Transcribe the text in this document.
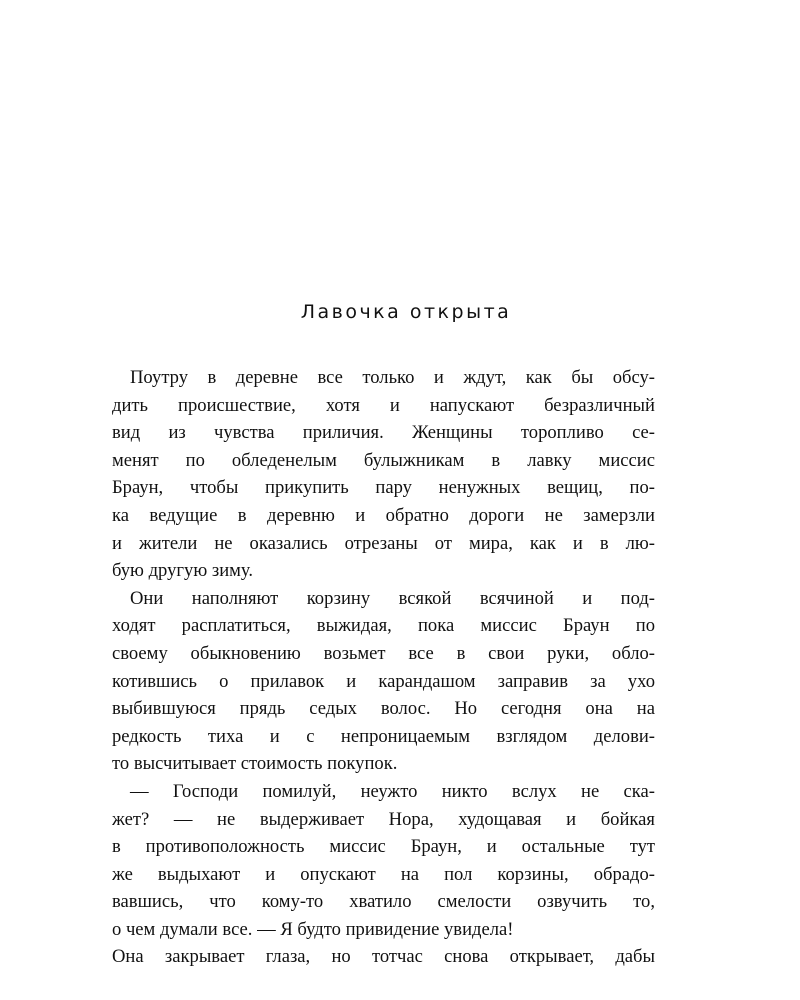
Лавочка открыта
Поутру в деревне все только и ждут, как бы обсу-
дить происшествие, хотя и напускают безразличный
вид из чувства приличия. Женщины торопливо се-
менят по обледенелым булыжникам в лавку миссис
Браун, чтобы прикупить пару ненужных вещиц, по-
ка ведущие в деревню и обратно дороги не замерзли
и жители не оказались отрезаны от мира, как и в лю-
бую другую зиму.
Они наполняют корзину всякой всячиной и под-
ходят расплатиться, выжидая, пока миссис Браун по
своему обыкновению возьмет все в свои руки, обло-
котившись о прилавок и карандашом заправив за ухо
выбившуюся прядь седых волос. Но сегодня она на
редкость тиха и с непроницаемым взглядом делови-
то высчитывает стоимость покупок.
— Господи помилуй, неужто никто вслух не ска-
жет? — не выдерживает Нора, худощавая и бойкая
в противоположность миссис Браун, и остальные тут
же выдыхают и опускают на пол корзины, обрадо-
вавшись, что кому-то хватило смелости озвучить то,
о чем думали все. — Я будто привидение увидела!
Она закрывает глаза, но тотчас снова открывает, дабы
